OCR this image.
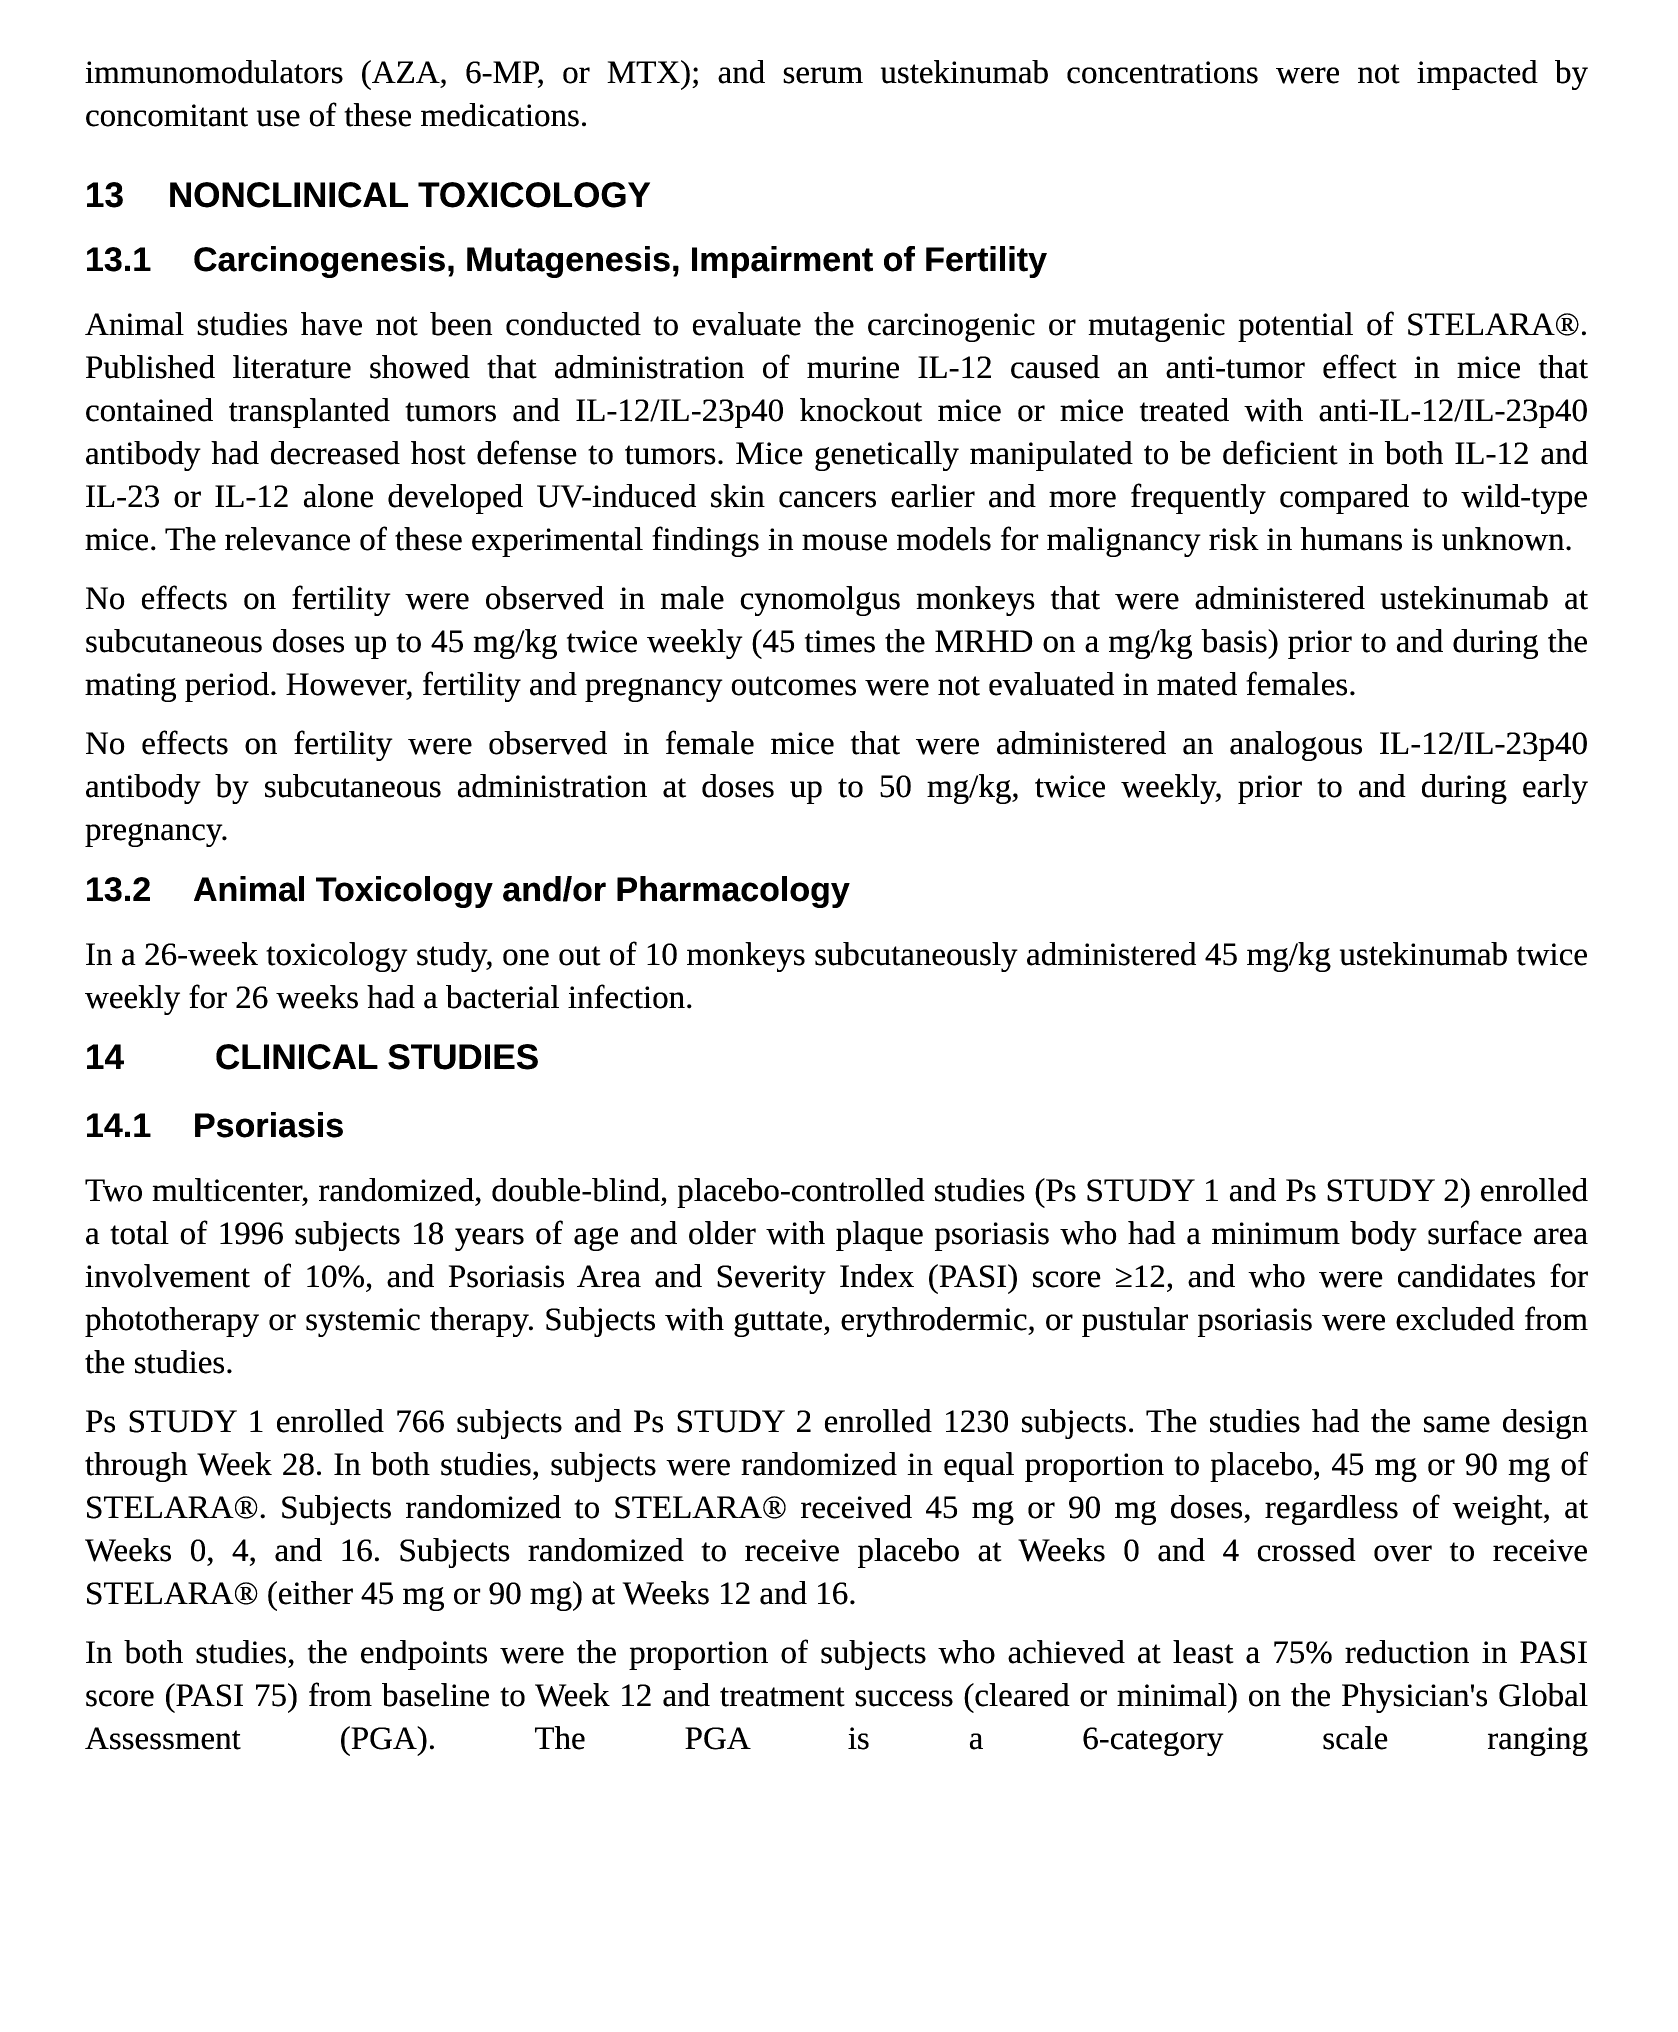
immunomodulators (AZA, 6-MP, or MTX); and serum ustekinumab concentrations were not impacted by concomitant use of these medications.

13 NONCLINICAL TOXICOLOGY
13.1 Carcinogenesis, Mutagenesis, Impairment of Fertility

Animal studies have not been conducted to evaluate the carcinogenic or mutagenic potential of STELARA®. Published literature showed that administration of murine IL-12 caused an anti-tumor effect in mice that contained transplanted tumors and IL-12/IL-23p40 knockout mice or mice treated with anti-IL-12/IL-23p40 antibody had decreased host defense to tumors. Mice genetically manipulated to be deficient in both IL-12 and IL-23 or IL-12 alone developed UV-induced skin cancers earlier and more frequently compared to wild-type mice. The relevance of these experimental findings in mouse models for malignancy risk in humans is unknown.

No effects on fertility were observed in male cynomolgus monkeys that were administered ustekinumab at subcutaneous doses up to 45 mg/kg twice weekly (45 times the MRHD on a mg/kg basis) prior to and during the mating period. However, fertility and pregnancy outcomes were not evaluated in mated females.

No effects on fertility were observed in female mice that were administered an analogous IL-12/IL-23p40 antibody by subcutaneous administration at doses up to 50 mg/kg, twice weekly, prior to and during early pregnancy.

13.2 Animal Toxicology and/or Pharmacology

In a 26-week toxicology study, one out of 10 monkeys subcutaneously administered 45 mg/kg ustekinumab twice weekly for 26 weeks had a bacterial infection.

14	CLINICAL STUDIES
14.1 Psoriasis

Two multicenter, randomized, double-blind, placebo-controlled studies (Ps STUDY 1 and Ps STUDY 2) enrolled a total of 1996 subjects 18 years of age and older with plaque psoriasis who had a minimum body surface area involvement of 10%, and Psoriasis Area and Severity Index (PASI) score ≥12, and who were candidates for phototherapy or systemic therapy. Subjects with guttate, erythrodermic, or pustular psoriasis were excluded from the studies.

Ps STUDY 1 enrolled 766 subjects and Ps STUDY 2 enrolled 1230 subjects. The studies had the same design through Week 28. In both studies, subjects were randomized in equal proportion to placebo, 45 mg or 90 mg of STELARA®. Subjects randomized to STELARA® received 45 mg or 90 mg doses, regardless of weight, at Weeks 0, 4, and 16. Subjects randomized to receive placebo at Weeks 0 and 4 crossed over to receive STELARA® (either 45 mg or 90 mg) at Weeks 12 and 16.

In both studies, the endpoints were the proportion of subjects who achieved at least a 75% reduction in PASI score (PASI 75) from baseline to Week 12 and treatment success (cleared or minimal) on the Physician's Global Assessment (PGA). The PGA is a 6-category scale ranging
